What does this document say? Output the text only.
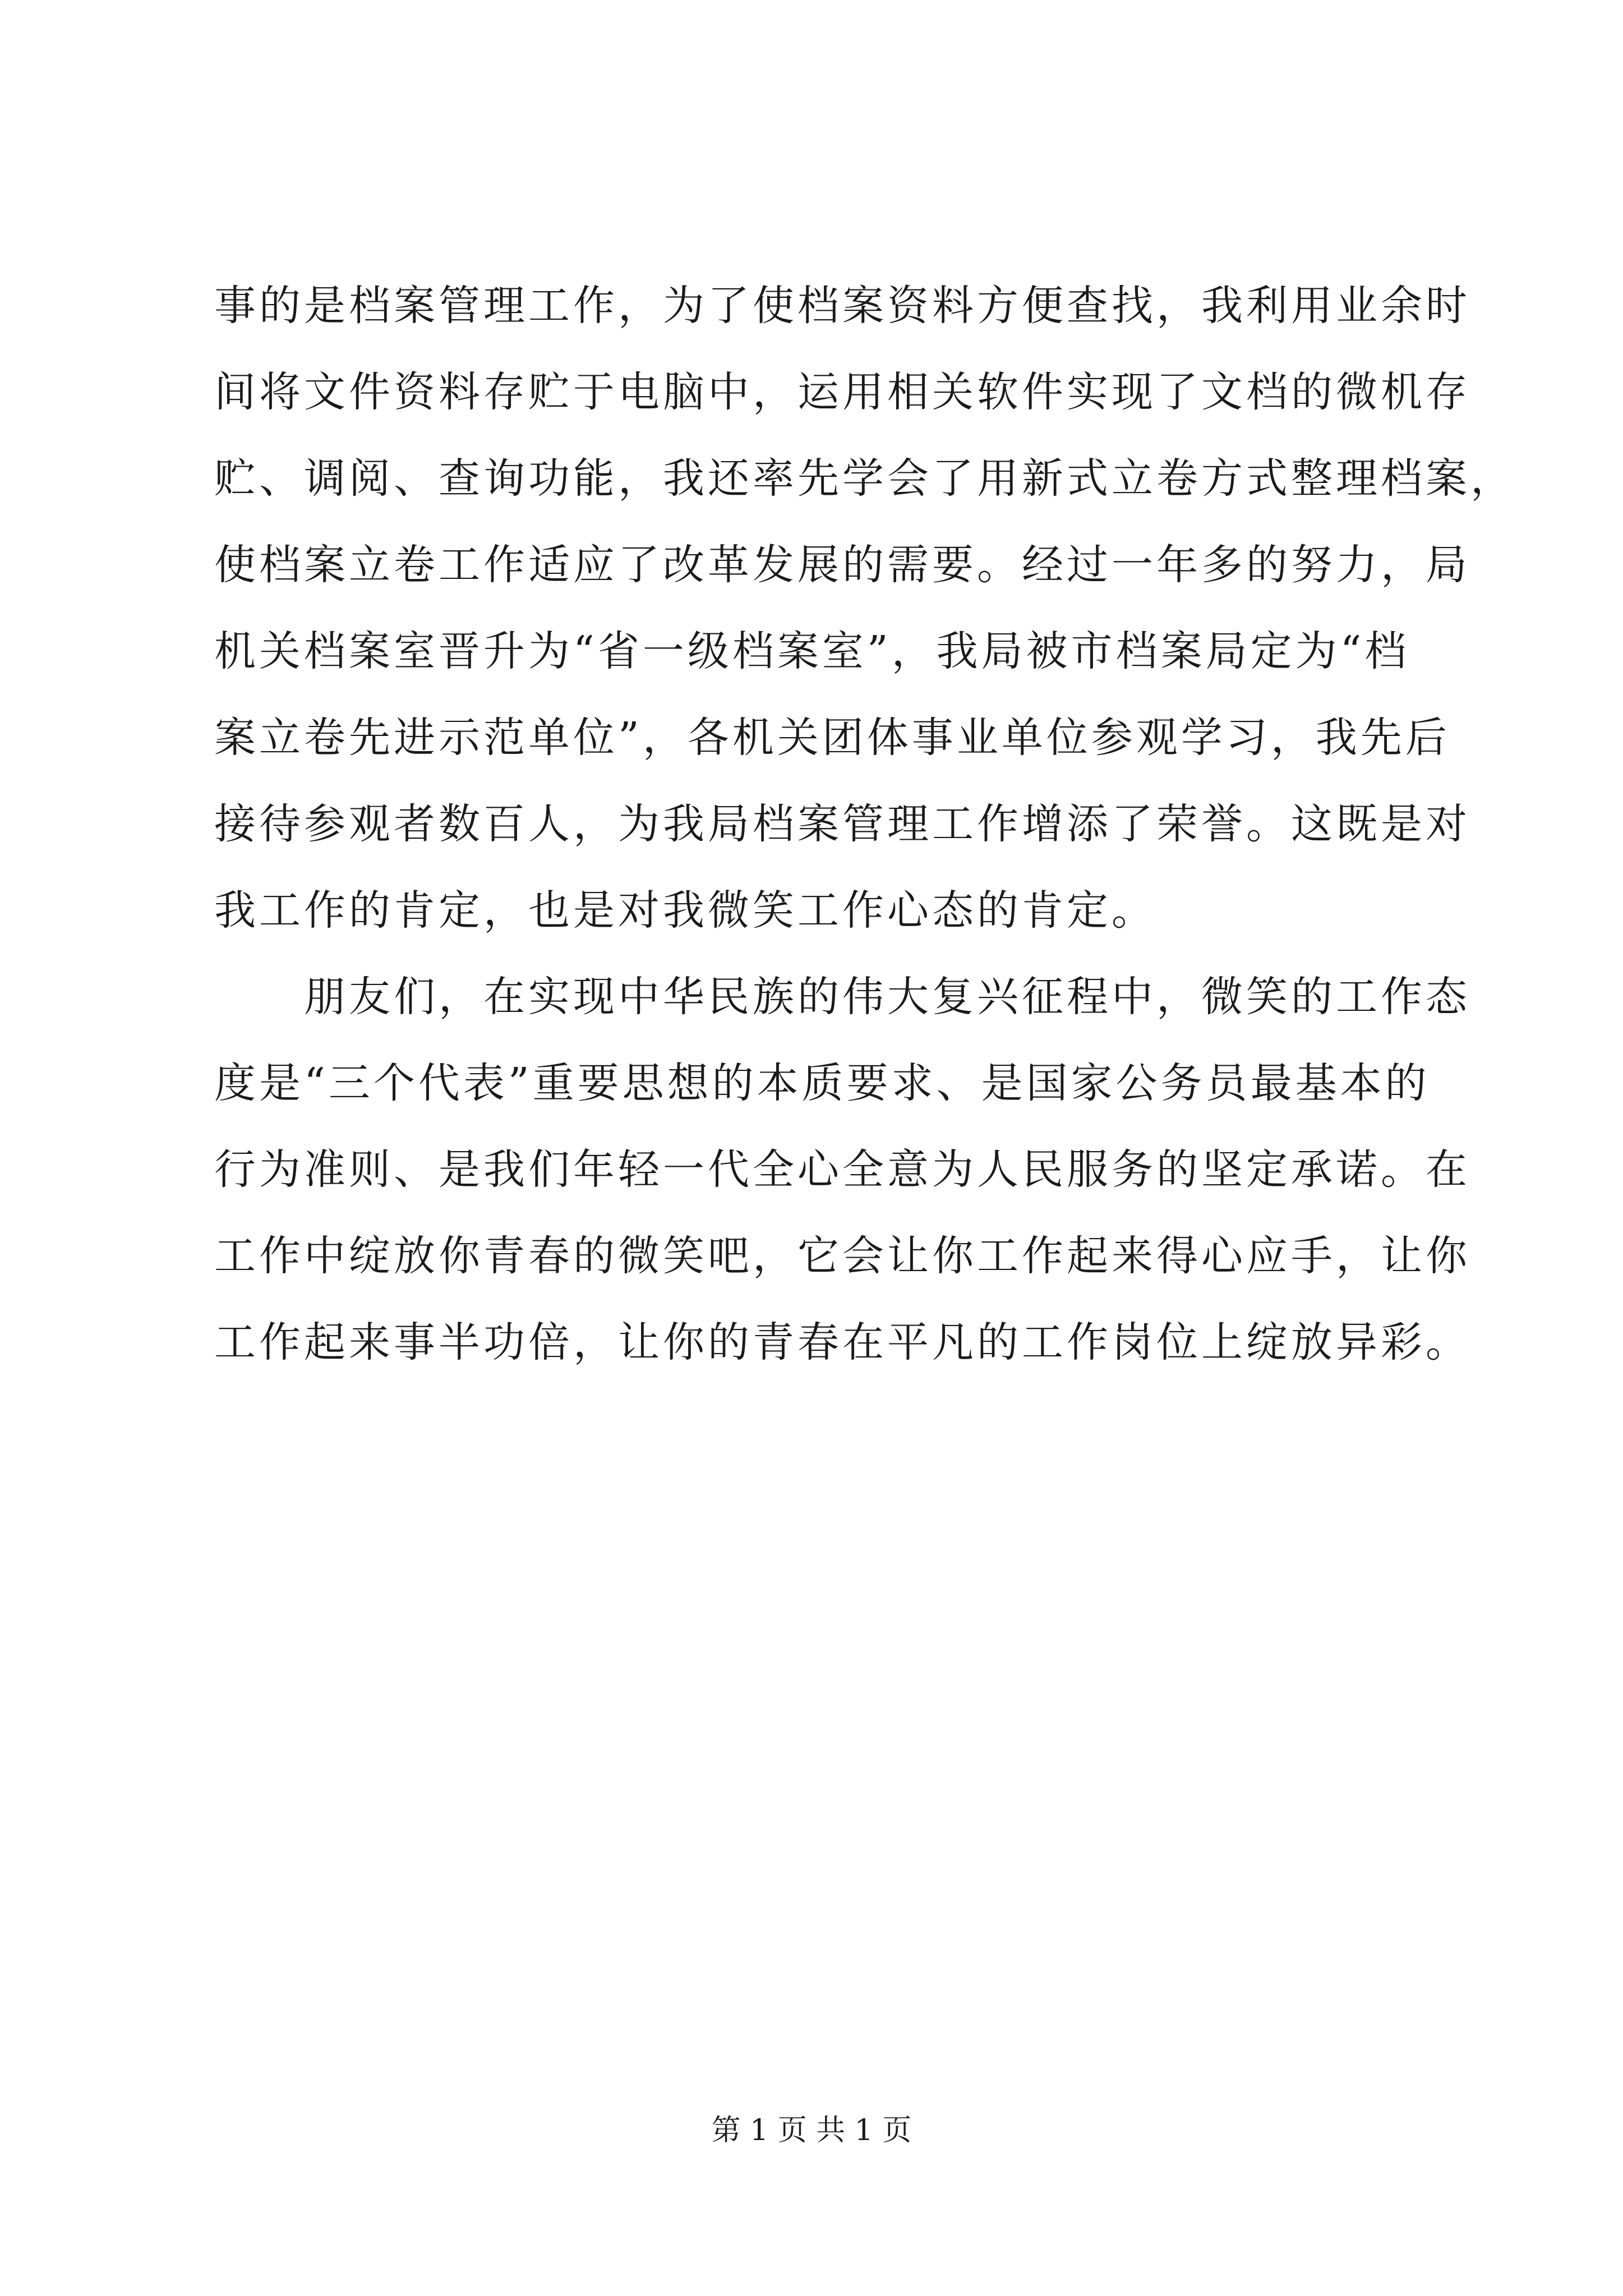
事的是档案管理工作，为了使档案资料方便查找，我利用业余时
间将文件资料存贮于电脑中，运用相关软件实现了文档的微机存
贮、调阅、查询功能，我还率先学会了用新式立卷方式整理档案，
使档案立卷工作适应了改革发展的需要。经过一年多的努力，局
机关档案室晋升为“省一级档案室”，我局被市档案局定为“档
案立卷先进示范单位”，各机关团体事业单位参观学习，我先后
接待参观者数百人，为我局档案管理工作增添了荣誉。这既是对
我工作的肯定，也是对我微笑工作心态的肯定。
朋友们，在实现中华民族的伟大复兴征程中，微笑的工作态
度是“三个代表”重要思想的本质要求、是国家公务员最基本的
行为准则、是我们年轻一代全心全意为人民服务的坚定承诺。在
工作中绽放你青春的微笑吧，它会让你工作起来得心应手，让你
工作起来事半功倍，让你的青春在平凡的工作岗位上绽放异彩。
第 1 页 共 1 页
